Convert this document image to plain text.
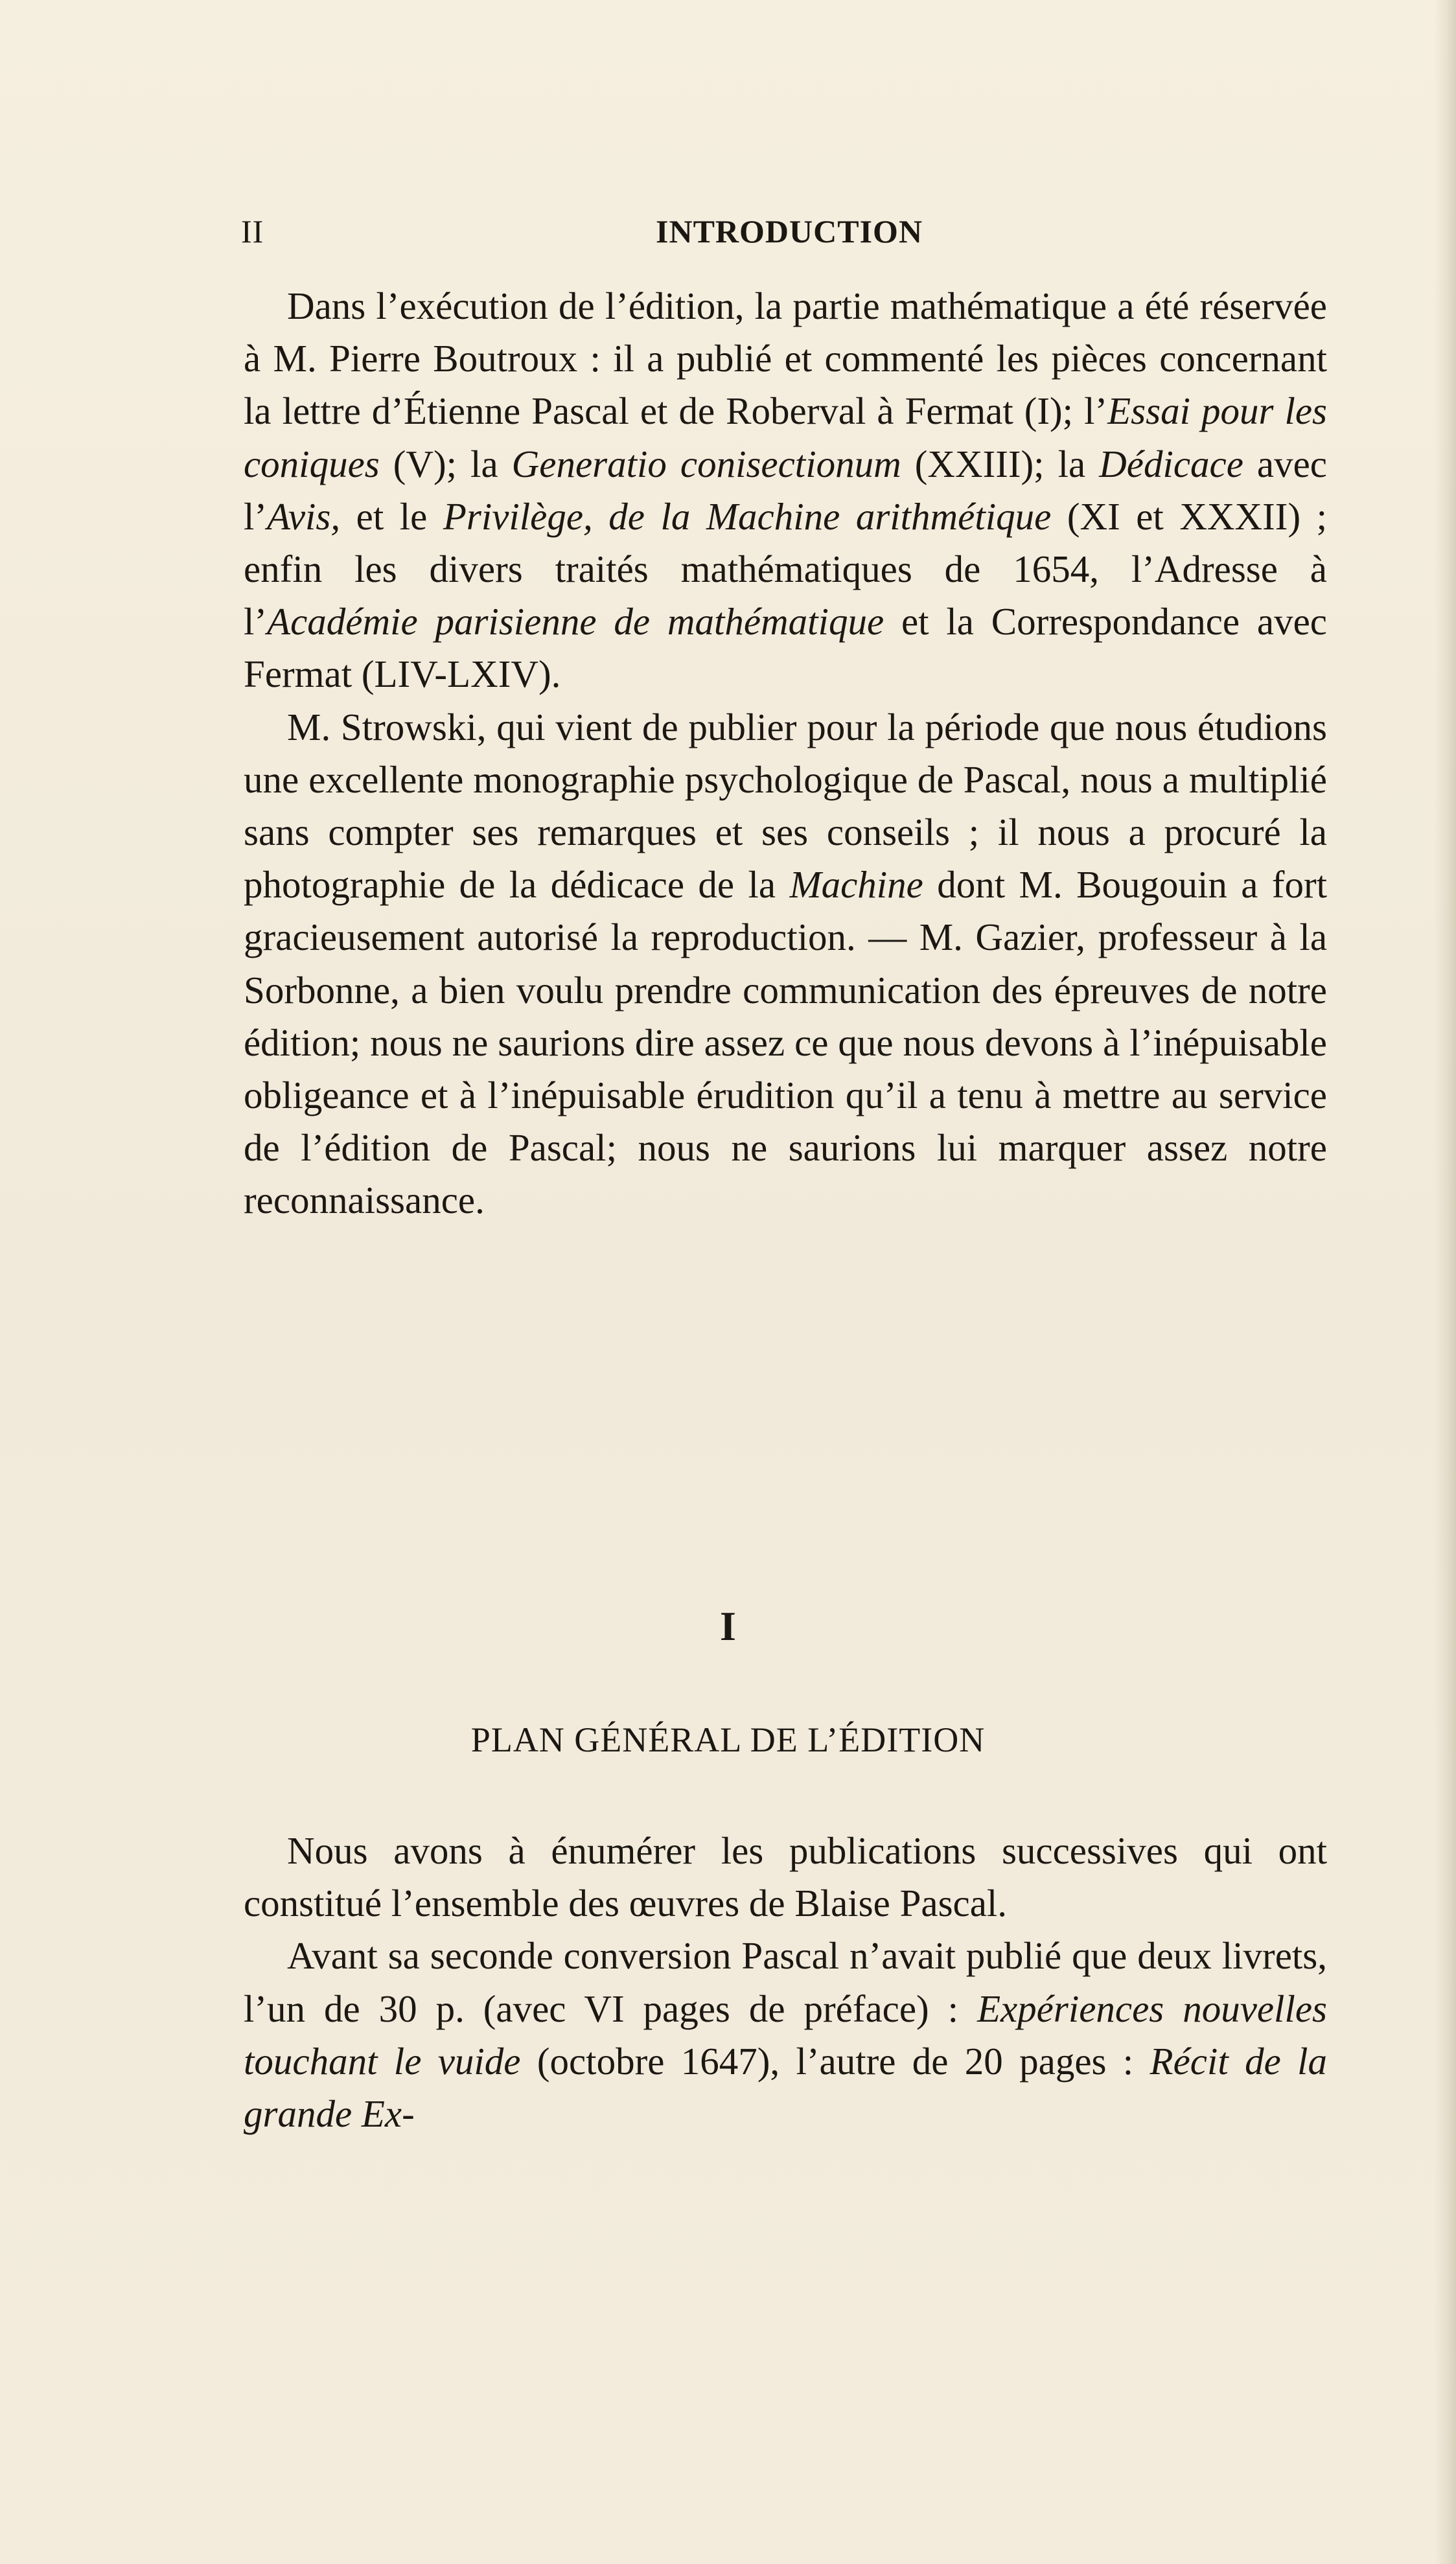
II	INTRODUCTION

Dans l’exécution de l’édition, la partie mathématique a été réservée à M. Pierre Boutroux : il a publié et commenté les pièces concernant la lettre d’Étienne Pascal et de Roberval à Fermat (I); l’Essai pour les coniques (V); la Generatio conisectionum (XXIII); la Dédicace avec l’Avis, et le Privilège, de la Machine arithmétique (XI et XXXII) ; enfin les divers traités mathématiques de 1654, l’Adresse à l’Académie parisienne de mathématique et la Correspondance avec Fermat (LIV-LXIV).

M. Strowski, qui vient de publier pour la période que nous étudions une excellente monographie psychologique de Pascal, nous a multiplié sans compter ses remarques et ses conseils ; il nous a procuré la photographie de la dédicace de la Machine dont M. Bougouin a fort gracieusement autorisé la reproduction. — M. Gazier, professeur à la Sorbonne, a bien voulu prendre communication des épreuves de notre édition; nous ne saurions dire assez ce que nous devons à l’inépuisable obligeance et à l’inépuisable érudition qu’il a tenu à mettre au service de l’édition de Pascal; nous ne saurions lui marquer assez notre reconnaissance.

I
PLAN GÉNÉRAL DE L’ÉDITION

Nous avons à énumérer les publications successives qui ont constitué l’ensemble des œuvres de Blaise Pascal.

Avant sa seconde conversion Pascal n’avait publié que deux livrets, l’un de 30 p. (avec VI pages de préface) : Expériences nouvelles touchant le vuide (octobre 1647), l’autre de 20 pages : Récit de la grande Ex-
